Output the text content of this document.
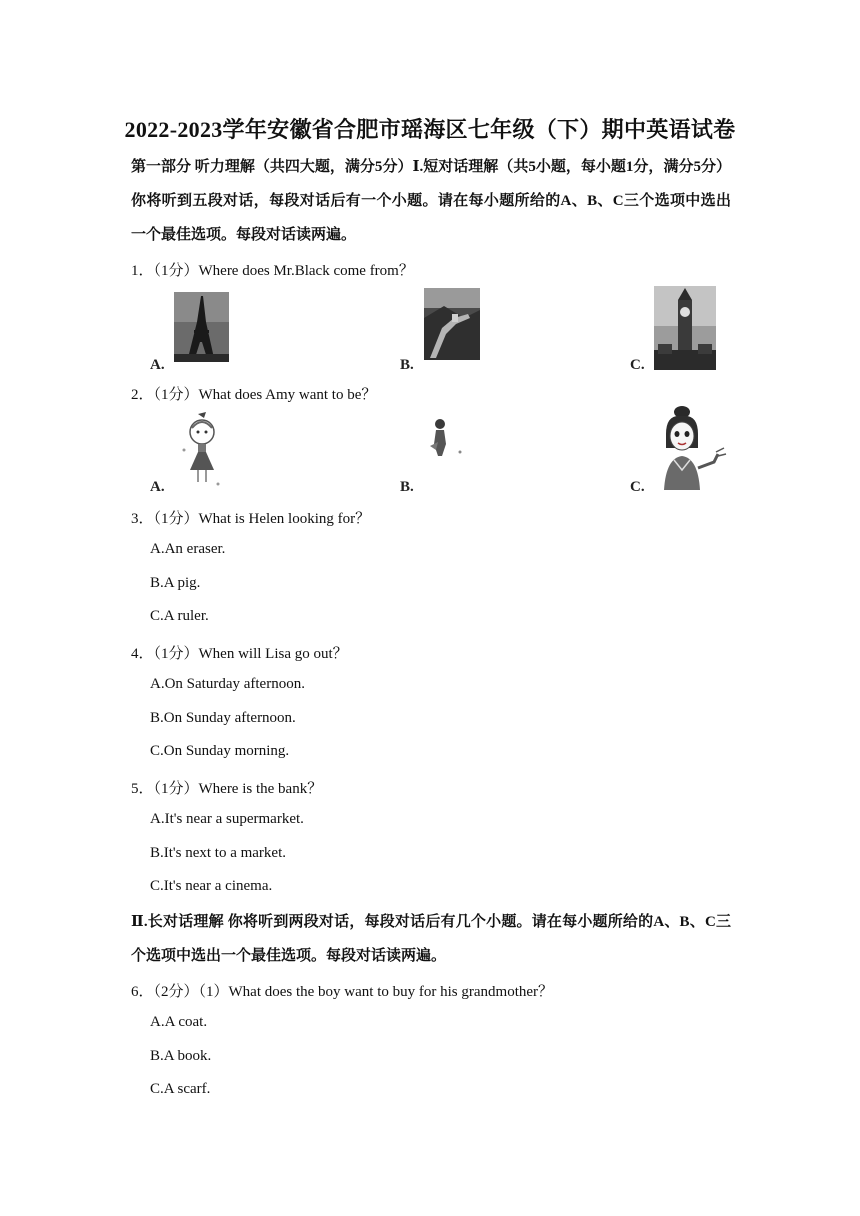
2022-2023学年安徽省合肥市瑶海区七年级（下）期中英语试卷
第一部分 听力理解（共四大题，满分5分）Ⅰ.短对话理解（共5小题，每小题1分，满分5分）你将听到五段对话，每段对话后有一个小题。请在每小题所给的A、B、C三个选项中选出一个最佳选项。每段对话读两遍。
1．（1分）Where does Mr.Black come from？
A.	B.	C.
2．（1分）What does Amy want to be？
A.	B.	C.
3．（1分）What is Helen looking for？
A.An eraser.
B.A pig.
C.A ruler.
4．（1分）When will Lisa go out？
A.On Saturday afternoon.
B.On Sunday afternoon.
C.On Sunday morning.
5．（1分）Where is the bank？
A.It's near a supermarket.
B.It's next to a market.
C.It's near a cinema.
Ⅱ.长对话理解 你将听到两段对话，每段对话后有几个小题。请在每小题所给的A、B、C三个选项中选出一个最佳选项。每段对话读两遍。
6．（2分）（1）What does the boy want to buy for his grandmother？
A.A coat.
B.A book.
C.A scarf.
